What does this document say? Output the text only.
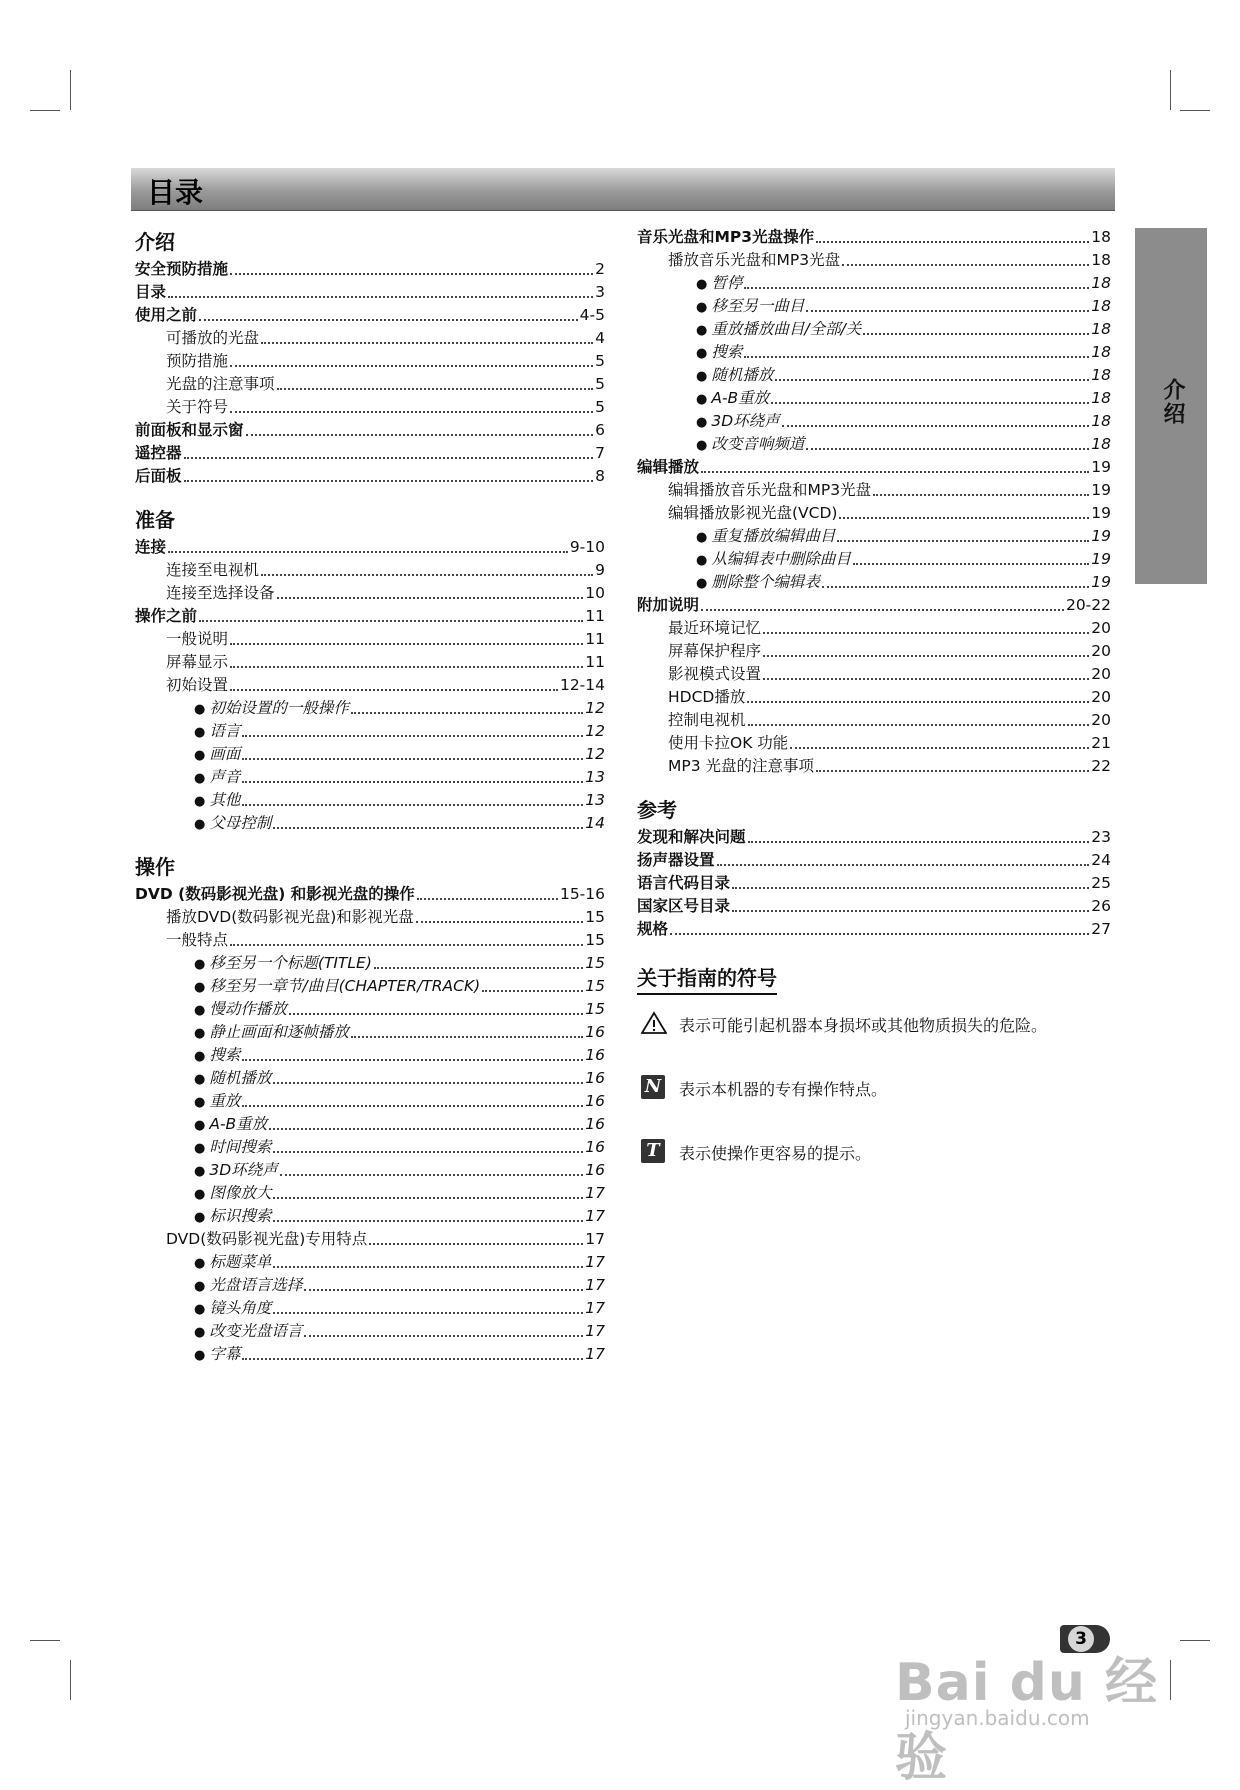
目录
介绍
介绍
安全预防措施	2
目录	3
使用之前	4-5
可播放的光盘	4
预防措施	5
光盘的注意事项	5
关于符号	5
前面板和显示窗	6
遥控器	7
后面板	8
准备
连接	9-10
连接至电视机	9
连接至选择设备	10
操作之前	11
一般说明	11
屏幕显示	11
初始设置	12-14
● 初始设置的一般操作	12
● 语言	12
● 画面	12
● 声音	13
● 其他	13
● 父母控制	14
操作
DVD (数码影视光盘) 和影视光盘的操作	15-16
播放DVD(数码影视光盘)和影视光盘	15
一般特点	15
● 移至另一个标题(TITLE)	15
● 移至另一章节/曲目(CHAPTER/TRACK)	15
● 慢动作播放	15
● 静止画面和逐帧播放	16
● 搜索	16
● 随机播放	16
● 重放	16
● A-B重放	16
● 时间搜索	16
● 3D环绕声	16
● 图像放大	17
● 标识搜索	17
DVD(数码影视光盘)专用特点	17
● 标题菜单	17
● 光盘语言选择	17
● 镜头角度	17
● 改变光盘语言	17
● 字幕	17
音乐光盘和MP3光盘操作	18
播放音乐光盘和MP3光盘	18
● 暂停	18
● 移至另一曲目	18
● 重放播放曲目/全部/关	18
● 搜索	18
● 随机播放	18
● A-B重放	18
● 3D环绕声	18
● 改变音响频道	18
编辑播放	19
编辑播放音乐光盘和MP3光盘	19
编辑播放影视光盘(VCD)	19
● 重复播放编辑曲目	19
● 从编辑表中删除曲目	19
● 删除整个编辑表	19
附加说明	20-22
最近环境记忆	20
屏幕保护程序	20
影视模式设置	20
HDCD播放	20
控制电视机	20
使用卡拉OK 功能	21
MP3 光盘的注意事项	22
参考
发现和解决问题	23
扬声器设置	24
语言代码目录	25
国家区号目录	26
规格	27
关于指南的符号
表示可能引起机器本身损坏或其他物质损失的危险。
N 表示本机器的专有操作特点。
T	表示使操作更容易的提示。
3
Bai du 经验
jingyan.baidu.com
